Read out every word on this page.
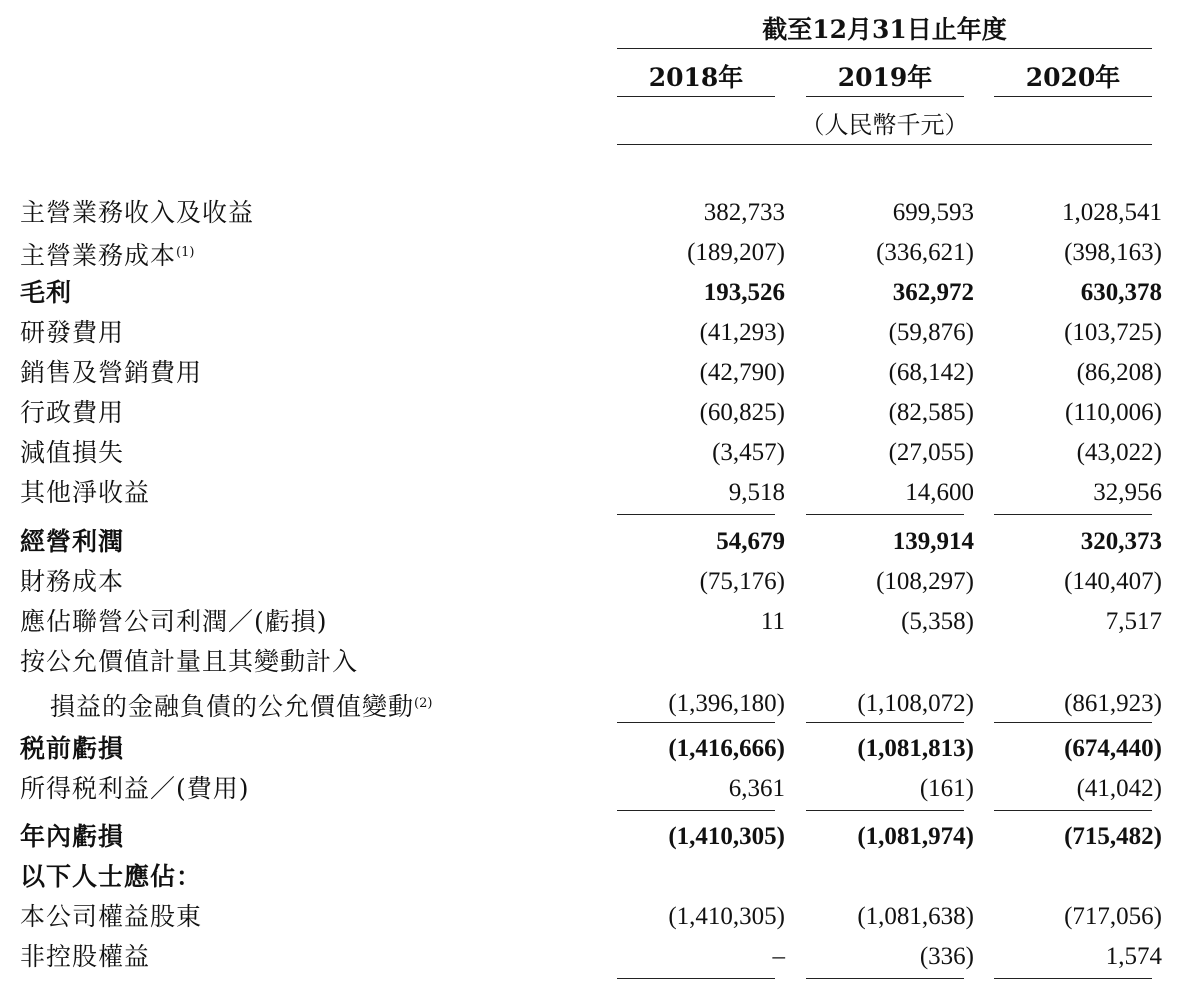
截至12月31日止年度
2018年	2019年	2020年
（人民幣千元）
主營業務收入及收益	382,733	699,593	1,028,541
主營業務成本$^{(1)}$	(189,207)	(336,621)	(398,163)
毛利	193,526	362,972	630,378
研發費用	(41,293)	(59,876)	(103,725)
銷售及營銷費用	(42,790)	(68,142)	(86,208)
行政費用	(60,825)	(82,585)	(110,006)
減值損失	(3,457)	(27,055)	(43,022)
其他淨收益	9,518	14,600	32,956
經營利潤	54,679	139,914	320,373
財務成本	(75,176)	(108,297)	(140,407)
應佔聯營公司利潤／(虧損)	11	(5,358)	7,517
按公允價值計量且其變動計入
損益的金融負債的公允價值變動$^{(2)}$	(1,396,180)	(1,108,072)	(861,923)
税前虧損	(1,416,666)	(1,081,813)	(674,440)
所得税利益／(費用)	6,361	(161)	(41,042)
年內虧損	(1,410,305)	(1,081,974)	(715,482)
以下人士應佔：
本公司權益股東	(1,410,305)	(1,081,638)	(717,056)
非控股權益	–	(336)	1,574
